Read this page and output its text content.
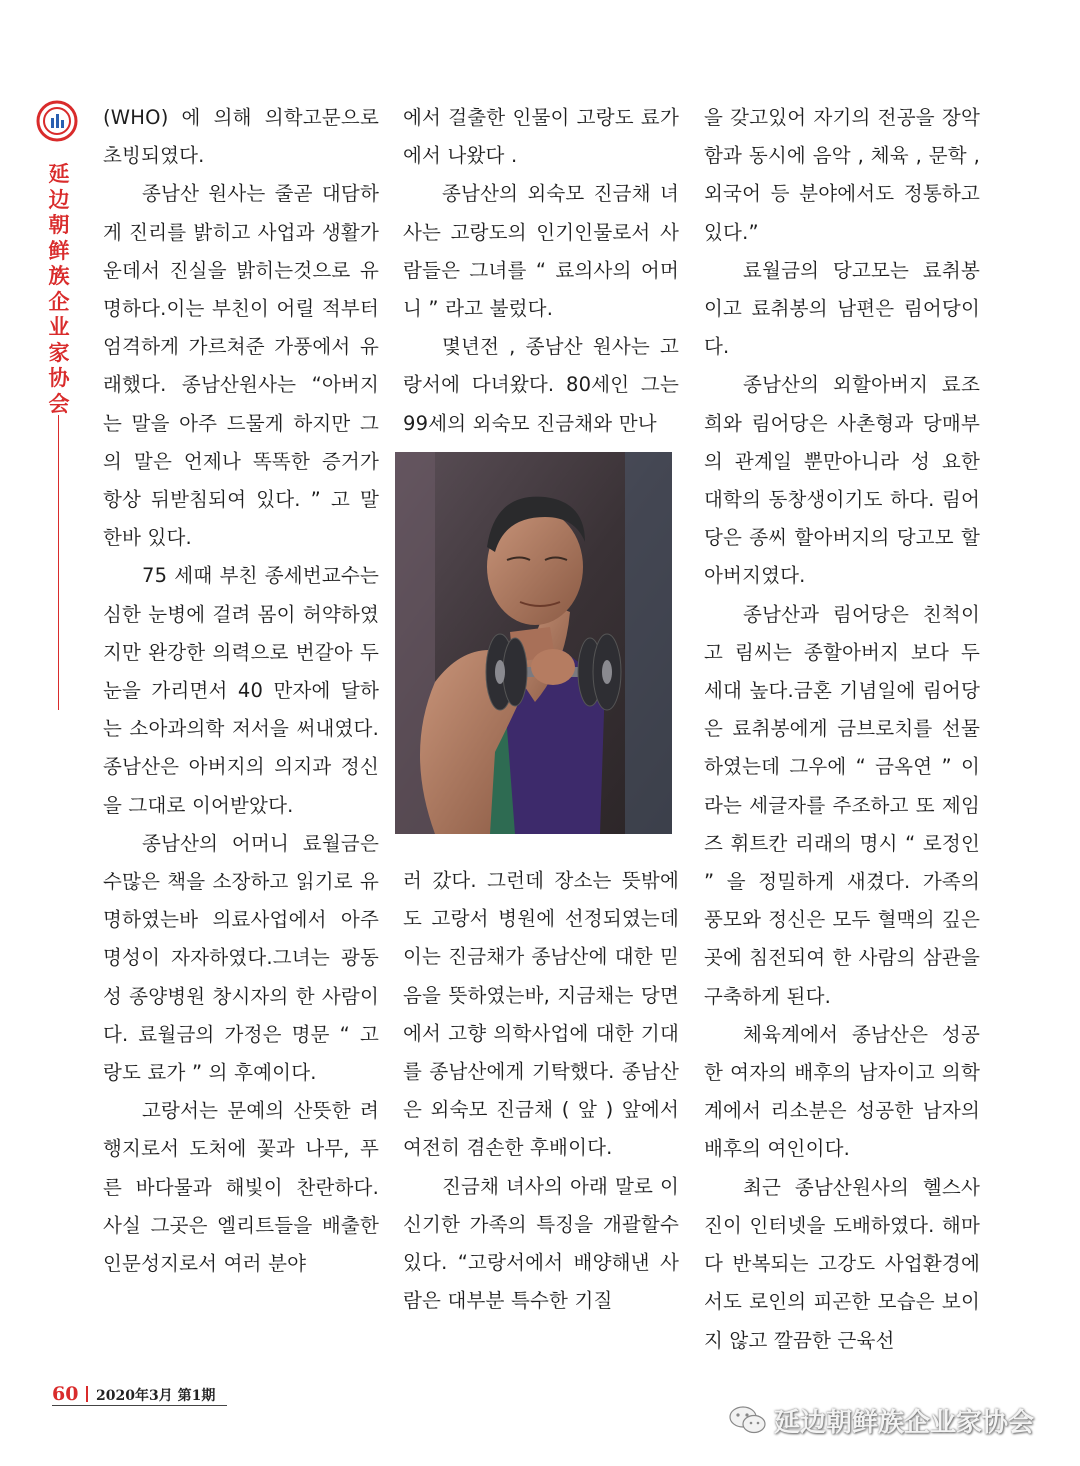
延边朝鲜族企业家协会

(WHO) 에 의해 의학고문으로 초빙되였다.

종남산 원사는 줄곧 대담하게 진리를 밝히고 사업과 생활가운데서 진실을 밝히는것으로 유명하다.이는 부친이 어릴 적부터 엄격하게 가르쳐준 가풍에서 유래했다. 종남산원사는 “아버지는 말을 아주 드물게 하지만 그의 말은 언제나 똑똑한 증거가 항상 뒤받침되여 있다. ” 고 말한바 있다.

75 세때 부친 종세번교수는 심한 눈병에 걸려 몸이 허약하였지만 완강한 의력으로 번갈아 두눈을 가리면서 40 만자에 달하는 소아과의학 저서을 써내였다. 종남산은 아버지의 의지과 정신을 그대로 이어받았다.

종남산의 어머니 료월금은 수많은 책을 소장하고 읽기로 유명하였는바 의료사업에서 아주 명성이 자자하였다.그녀는 광동성 종양병원 창시자의 한 사람이다. 료월금의 가정은 명문 “ 고랑도 료가 ” 의 후예이다.

고랑서는 문예의 산뜻한 려행지로서 도처에 꽃과 나무, 푸른 바다물과 해빛이 찬란하다. 사실 그곳은 엘리트들을 배출한 인문성지로서 여러 분야

에서 걸출한 인물이 고랑도 료가에서 나왔다 .

종남산의 외숙모 진금채 녀사는 고랑도의 인기인물로서 사람들은 그녀를 “ 료의사의 어머니 ” 라고 불렀다.

몇년전 , 종남산 원사는 고랑서에 다녀왔다. 80세인 그는 99세의 외숙모 진금채와 만나

러 갔다. 그런데 장소는 뜻밖에도 고랑서 병원에 선정되였는데 이는 진금채가 종남산에 대한 믿음을 뜻하였는바, 지금채는 당면에서 고향 의학사업에 대한 기대를 종남산에게 기탁했다. 종남산은 외숙모 진금채 ( 앞 ) 앞에서 여전히 겸손한 후배이다.

진금채 녀사의 아래 말로 이 신기한 가족의 특징을 개괄할수 있다. “고랑서에서 배양해낸 사람은 대부분 특수한 기질

을 갖고있어 자기의 전공을 장악함과 동시에 음악 , 체육 , 문학 , 외국어 등 분야에서도 정통하고 있다.”

료월금의 당고모는 료취봉이고 료취봉의 남편은 림어당이다.

종남산의 외할아버지 료조희와 림어당은 사촌형과 당매부의 관계일 뿐만아니라 성 요한 대학의 동창생이기도 하다. 림어당은 종씨 할아버지의 당고모 할아버지였다.

종남산과 림어당은 친척이고 림씨는 종할아버지 보다 두 세대 높다.금혼 기념일에 림어당은 료취봉에게 금브로치를 선물하였는데 그우에 “ 금옥연 ” 이라는 세글자를 주조하고 또 제임즈 휘트칸 리래의 명시 “ 로정인 ” 을 정밀하게 새겼다. 가족의 풍모와 정신은 모두 혈맥의 깊은 곳에 침전되여 한 사람의 삼관을 구축하게 된다.

체육계에서 종남산은 성공한 여자의 배후의 남자이고 의학계에서 리소분은 성공한 남자의 배후의 여인이다.

최근 종남산원사의 헬스사진이 인터넷을 도배하였다. 해마다 반복되는 고강도 사업환경에서도 로인의 피곤한 모습은 보이지 않고 깔끔한 근육선

60 2020年3月 第1期
延边朝鲜族企业家协会
